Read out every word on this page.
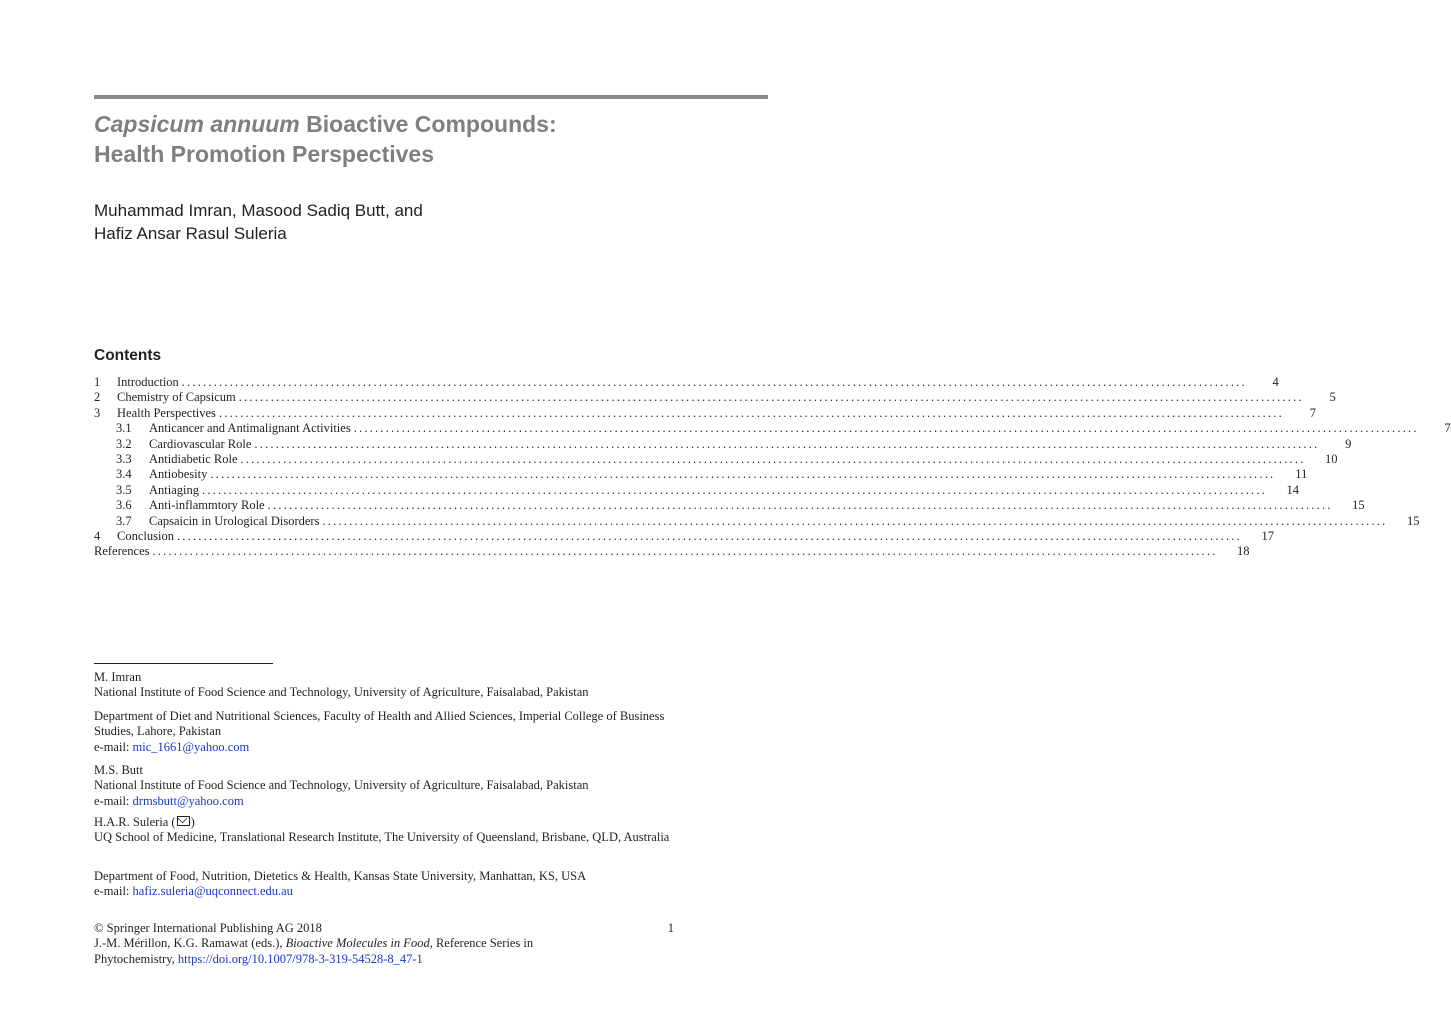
Capsicum annuum Bioactive Compounds:
Health Promotion Perspectives
Muhammad Imran, Masood Sadiq Butt, and
Hafiz Ansar Rasul Suleria
Contents
1	Introduction ........................................................................................................................................................................................................	4
2	Chemistry of Capsicum ........................................................................................................................................................................................................	5
3	Health Perspectives ........................................................................................................................................................................................................	7
3.1	Anticancer and Antimalignant Activities ........................................................................................................................................................................................................	7
3.2	Cardiovascular Role ........................................................................................................................................................................................................	9
3.3	Antidiabetic Role ........................................................................................................................................................................................................	10
3.4	Antiobesity ........................................................................................................................................................................................................	11
3.5	Antiaging ........................................................................................................................................................................................................	14
3.6	Anti-inflammtory Role ........................................................................................................................................................................................................	15
3.7	Capsaicin in Urological Disorders ........................................................................................................................................................................................................	15
4	Conclusion ........................................................................................................................................................................................................	17
References ........................................................................................................................................................................................................	18
M. Imran
National Institute of Food Science and Technology, University of Agriculture, Faisalabad, Pakistan
Department of Diet and Nutritional Sciences, Faculty of Health and Allied Sciences, Imperial College of Business Studies, Lahore, Pakistan
e-mail: mic_1661@yahoo.com
M.S. Butt
National Institute of Food Science and Technology, University of Agriculture, Faisalabad, Pakistan
e-mail: drmsbutt@yahoo.com
H.A.R. Suleria ( )
UQ School of Medicine, Translational Research Institute, The University of Queensland, Brisbane, QLD, Australia
Department of Food, Nutrition, Dietetics & Health, Kansas State University, Manhattan, KS, USA
e-mail: hafiz.suleria@uqconnect.edu.au
© Springer International Publishing AG 2018	1
J.-M. Mérillon, K.G. Ramawat (eds.), Bioactive Molecules in Food, Reference Series in
Phytochemistry, https://doi.org/10.1007/978-3-319-54528-8_47-1
